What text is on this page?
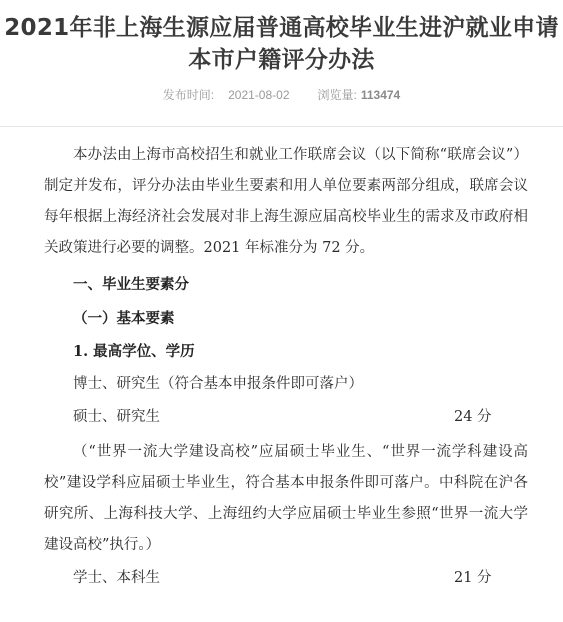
2021年非上海生源应届普通高校毕业生进沪就业申请本市户籍评分办法
发布时间: 2021-08-02 浏览量: 113474

本办法由上海市高校招生和就业工作联席会议（以下简称“联席会议”）制定并发布，评分办法由毕业生要素和用人单位要素两部分组成，联席会议每年根据上海经济社会发展对非上海生源应届高校毕业生的需求及市政府相关政策进行必要的调整。2021 年标准分为 72 分。

一、毕业生要素分
（一）基本要素
1. 最高学位、学历
博士、研究生（符合基本申报条件即可落户）
硕士、研究生	24 分

（“世界一流大学建设高校”应届硕士毕业生、“世界一流学科建设高校”建设学科应届硕士毕业生，符合基本申报条件即可落户。中科院在沪各研究所、上海科技大学、上海纽约大学应届硕士毕业生参照“世界一流大学建设高校”执行。）

学士、本科生	21 分
